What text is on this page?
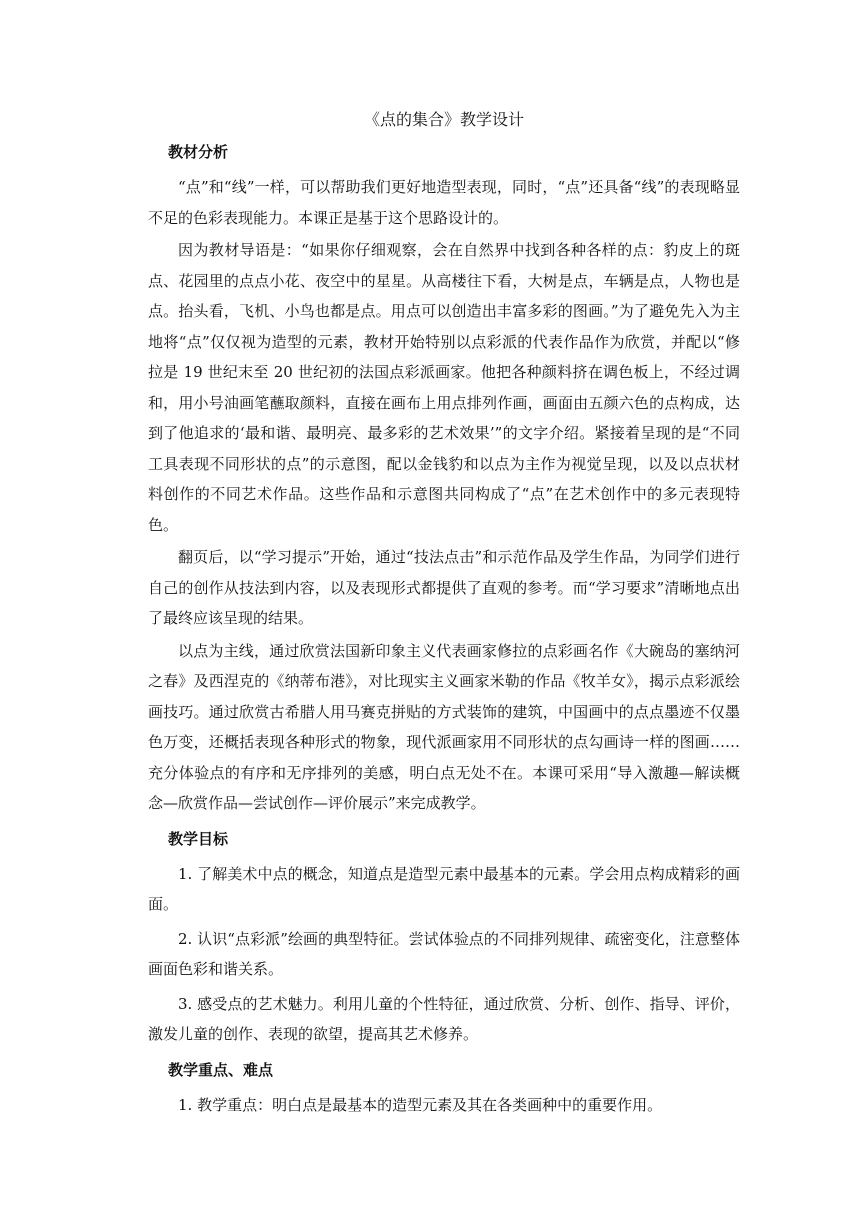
《点的集合》教学设计
教材分析

“点”和“线”一样，可以帮助我们更好地造型表现，同时，“点”还具备“线”的表现略显不足的色彩表现能力。本课正是基于这个思路设计的。

因为教材导语是：“如果你仔细观察，会在自然界中找到各种各样的点：豹皮上的斑点、花园里的点点小花、夜空中的星星。从高楼往下看，大树是点，车辆是点，人物也是点。抬头看，飞机、小鸟也都是点。用点可以创造出丰富多彩的图画。”为了避免先入为主地将“点”仅仅视为造型的元素，教材开始特别以点彩派的代表作品作为欣赏，并配以“修拉是 19 世纪末至 20 世纪初的法国点彩派画家。他把各种颜料挤在调色板上，不经过调和，用小号油画笔蘸取颜料，直接在画布上用点排列作画，画面由五颜六色的点构成，达到了他追求的‘最和谐、最明亮、最多彩的艺术效果’”的文字介绍。紧接着呈现的是“不同工具表现不同形状的点”的示意图，配以金钱豹和以点为主作为视觉呈现，以及以点状材料创作的不同艺术作品。这些作品和示意图共同构成了“点”在艺术创作中的多元表现特色。

翻页后，以“学习提示”开始，通过“技法点击”和示范作品及学生作品，为同学们进行自己的创作从技法到内容，以及表现形式都提供了直观的参考。而“学习要求”清晰地点出了最终应该呈现的结果。

以点为主线，通过欣赏法国新印象主义代表画家修拉的点彩画名作《大碗岛的塞纳河之春》及西涅克的《纳蒂布港》，对比现实主义画家米勒的作品《牧羊女》，揭示点彩派绘画技巧。通过欣赏古希腊人用马赛克拼贴的方式装饰的建筑，中国画中的点点墨迹不仅墨色万变，还概括表现各种形式的物象，现代派画家用不同形状的点勾画诗一样的图画……充分体验点的有序和无序排列的美感，明白点无处不在。本课可采用“导入激趣—解读概念—欣赏作品—尝试创作—评价展示”来完成教学。

教学目标

1. 了解美术中点的概念，知道点是造型元素中最基本的元素。学会用点构成精彩的画面。

2. 认识“点彩派”绘画的典型特征。尝试体验点的不同排列规律、疏密变化，注意整体画面色彩和谐关系。

3. 感受点的艺术魅力。利用儿童的个性特征，通过欣赏、分析、创作、指导、评价，激发儿童的创作、表现的欲望，提高其艺术修养。

教学重点、难点

1. 教学重点：明白点是最基本的造型元素及其在各类画种中的重要作用。
